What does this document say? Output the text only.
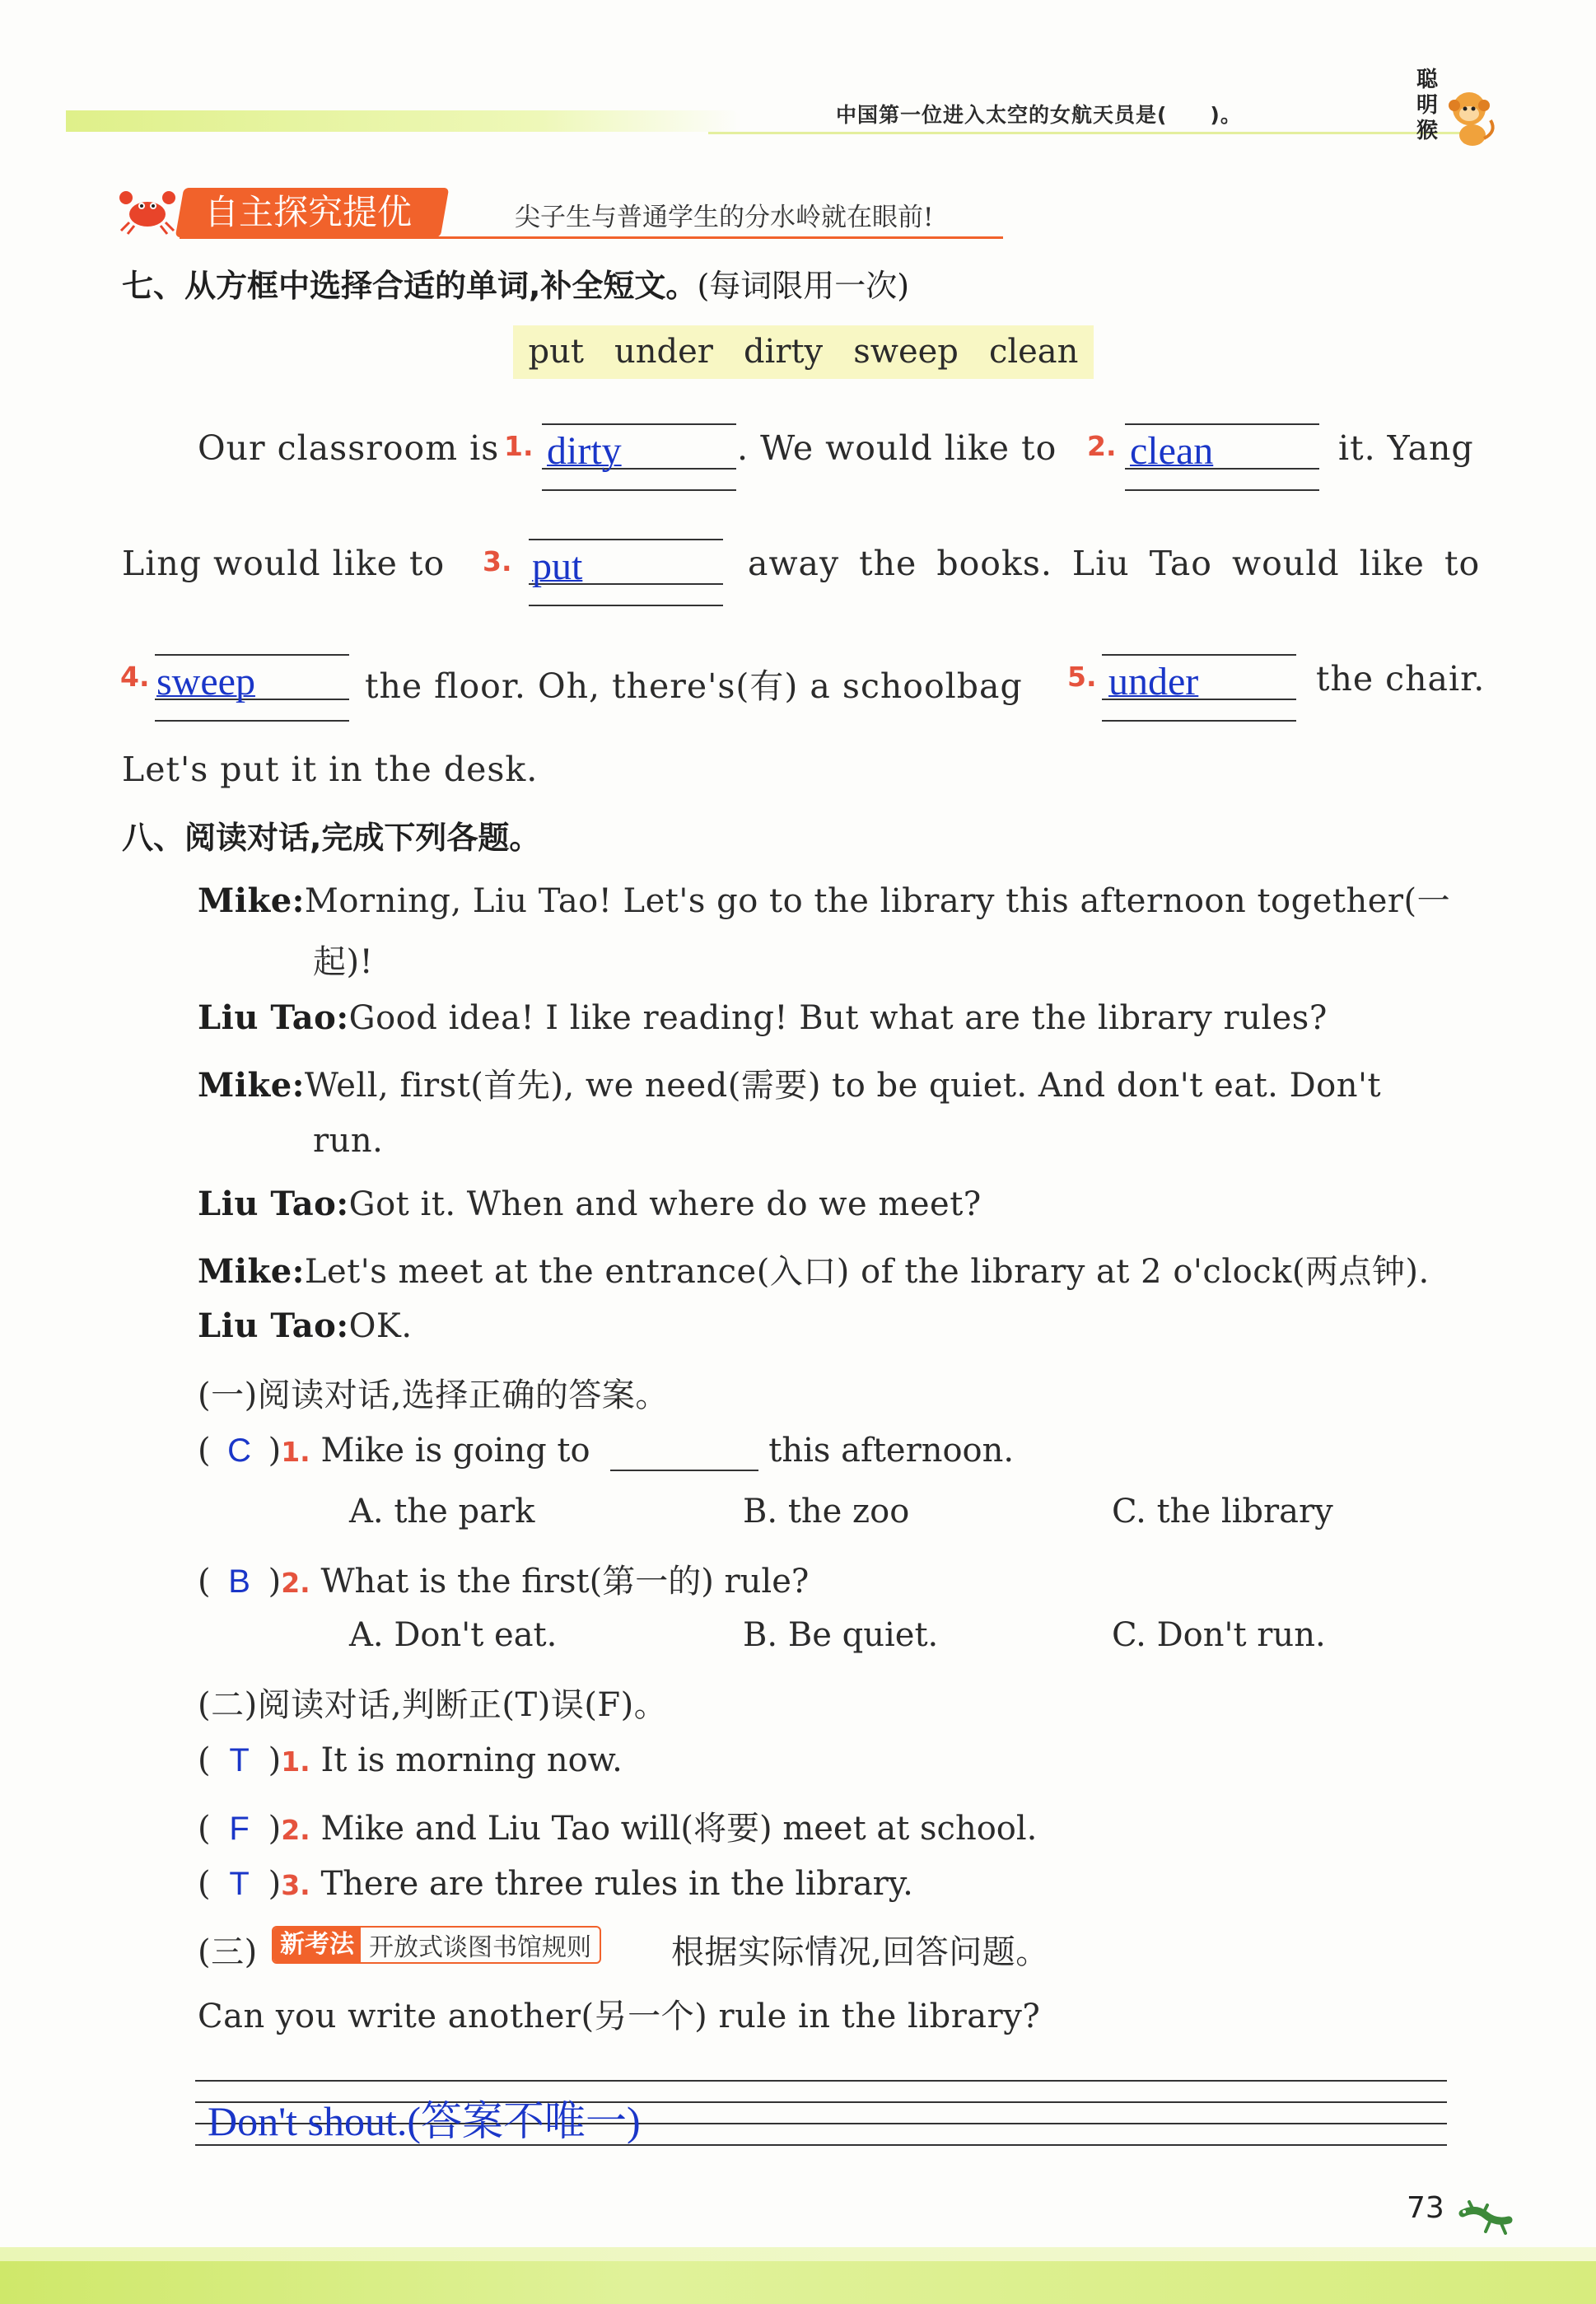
中国第一位进入太空的女航天员是(　　)。
聪
明
猴
自主探究提优	尖子生与普通学生的分水岭就在眼前!
七、从方框中选择合适的单词,补全短文。(每词限用一次)
put under dirty sweep clean
Our classroom is 1. dirty	. We would like to 2. clean	it. Yang
Ling would like to 3. put	away the books. Liu Tao would like to
4. sweep	the floor. Oh, there's(有) a schoolbag 5. under	the chair.
Let's put it in the desk.
八、阅读对话,完成下列各题。
Mike:Morning, Liu Tao! Let's go to the library this afternoon together(一
起)!
Liu Tao:Good idea! I like reading! But what are the library rules?
Mike:Well, first(首先), we need(需要) to be quiet. And don't eat. Don't
run.
Liu Tao:Got it. When and where do we meet?
Mike:Let's meet at the entrance(入口) of the library at 2 o'clock(两点钟).
Liu Tao:OK.
(一)阅读对话,选择正确的答案。
( C )1. Mike is going to	this afternoon.
A. the park	B. the zoo	C. the library
( B )2. What is the first(第一的) rule?
A. Don't eat.	B. Be quiet.	C. Don't run.
(二)阅读对话,判断正(T)误(F)。
( T )1. It is morning now.
( F )2. Mike and Liu Tao will(将要) meet at school.
( T )3. There are three rules in the library.
(三) 新考法 开放式谈图书馆规则 根据实际情况,回答问题。
Can you write another(另一个) rule in the library?
Don't shout.(答案不唯一)
73
